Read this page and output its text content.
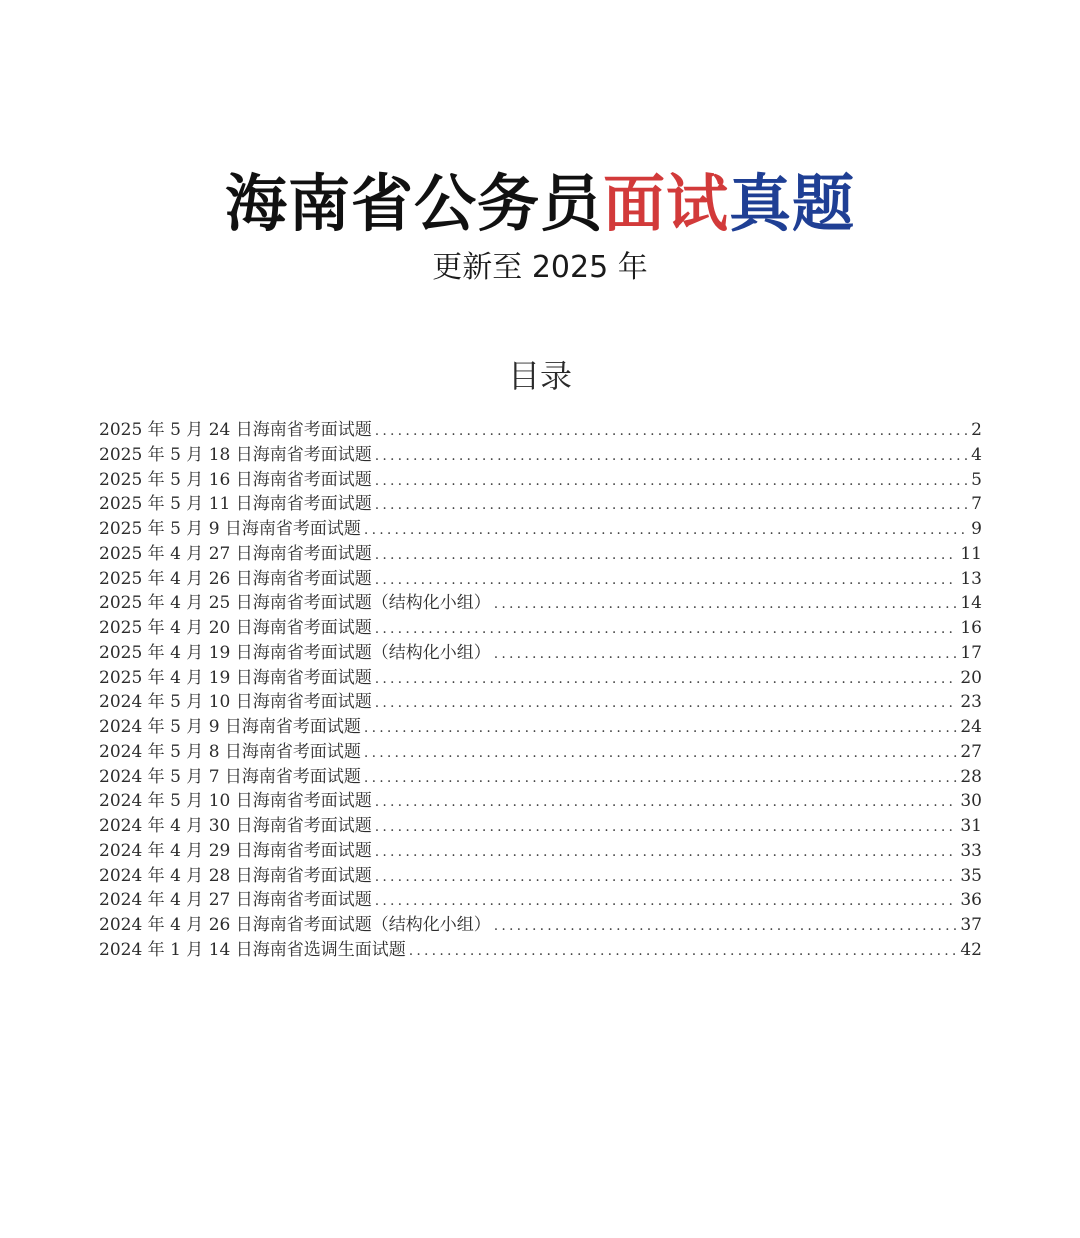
海南省公务员面试真题
更新至 2025 年
目录
2025 年 5 月 24 日海南省考面试题 .....	2
2025 年 5 月 18 日海南省考面试题 .....	4
2025 年 5 月 16 日海南省考面试题 .....	5
2025 年 5 月 11 日海南省考面试题 .....	7
2025 年 5 月 9 日海南省考面试题 .....	9
2025 年 4 月 27 日海南省考面试题 .....	11
2025 年 4 月 26 日海南省考面试题 .....	13
2025 年 4 月 25 日海南省考面试题（结构化小组） .....	14
2025 年 4 月 20 日海南省考面试题 .....	16
2025 年 4 月 19 日海南省考面试题（结构化小组） .....	17
2025 年 4 月 19 日海南省考面试题 .....	20
2024 年 5 月 10 日海南省考面试题 .....	23
2024 年 5 月 9 日海南省考面试题 .....	24
2024 年 5 月 8 日海南省考面试题 .....	27
2024 年 5 月 7 日海南省考面试题 .....	28
2024 年 5 月 10 日海南省考面试题 .....	30
2024 年 4 月 30 日海南省考面试题 .....	31
2024 年 4 月 29 日海南省考面试题 .....	33
2024 年 4 月 28 日海南省考面试题 .....	35
2024 年 4 月 27 日海南省考面试题 .....	36
2024 年 4 月 26 日海南省考面试题（结构化小组） .....	37
2024 年 1 月 14 日海南省选调生面试题 .....	42
